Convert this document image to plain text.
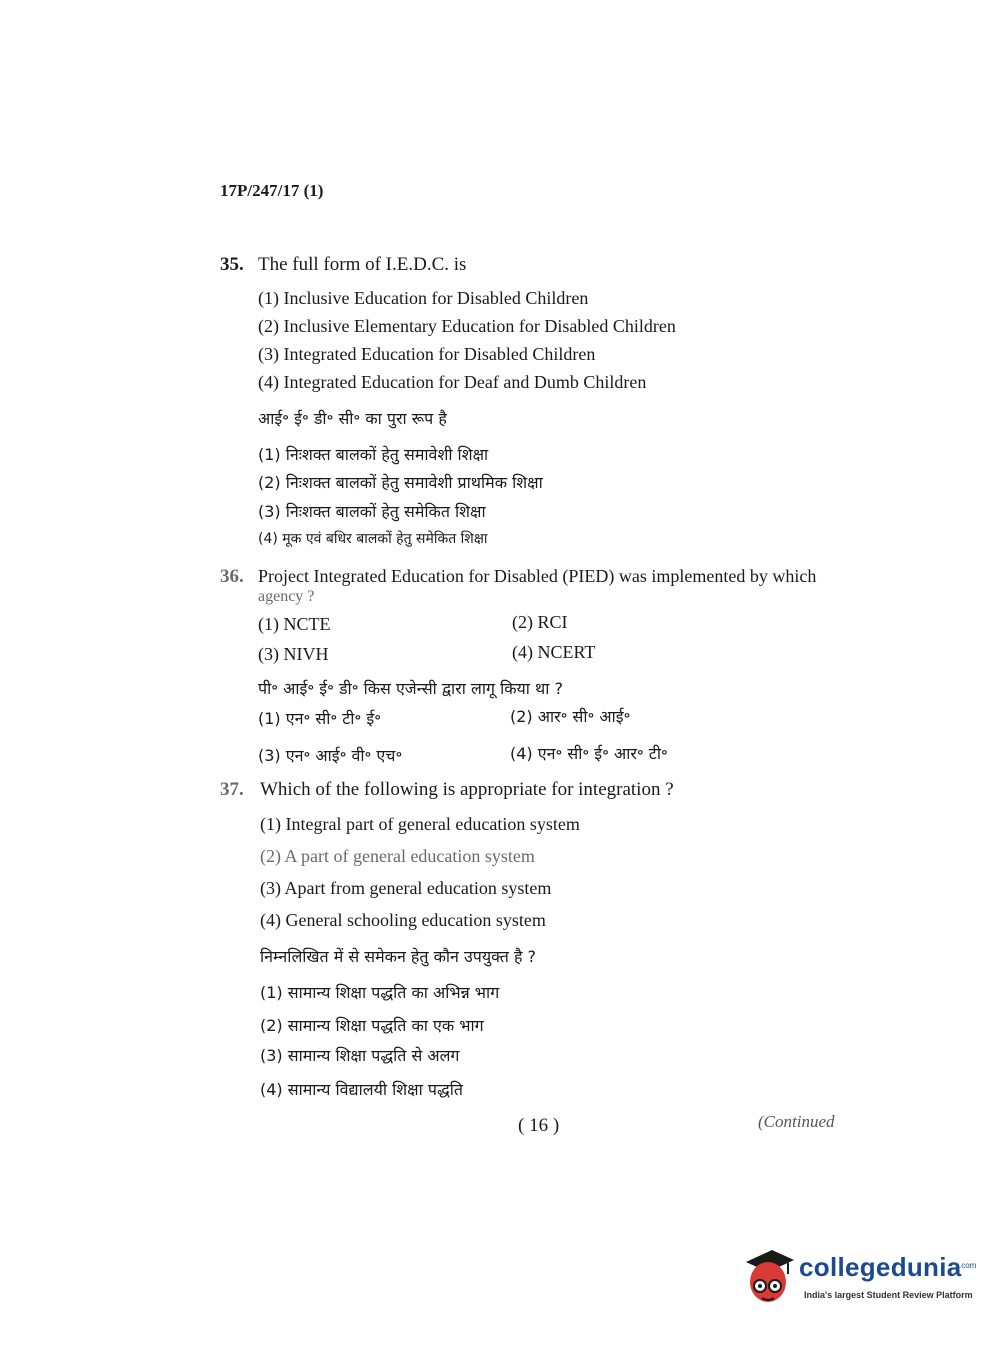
17P/247/17 (1)
35. The full form of I.E.D.C. is
(1) Inclusive Education for Disabled Children
(2) Inclusive Elementary Education for Disabled Children
(3) Integrated Education for Disabled Children
(4) Integrated Education for Deaf and Dumb Children
आई॰ ई॰ डी॰ सी॰ का पुरा रूप है
(1) निःशक्त बालकों हेतु समावेशी शिक्षा
(2) निःशक्त बालकों हेतु समावेशी प्राथमिक शिक्षा
(3) निःशक्त बालकों हेतु समेकित शिक्षा
(4) मूक एवं बधिर बालकों हेतु समेकित शिक्षा
36. Project Integrated Education for Disabled (PIED) was implemented by which
agency ?
(1) NCTE	(2) RCI
(3) NIVH	(4) NCERT
पी॰ आई॰ ई॰ डी॰ किस एजेन्सी द्वारा लागू किया था ?
(1) एन॰ सी॰ टी॰ ई॰	(2) आर॰ सी॰ आई॰
(3) एन॰ आई॰ वी॰ एच॰	(4) एन॰ सी॰ ई॰ आर॰ टी॰
37. Which of the following is appropriate for integration ?
(1) Integral part of general education system
(2) A part of general education system
(3) Apart from general education system
(4) General schooling education system
निम्नलिखित में से समेकन हेतु कौन उपयुक्त है ?
(1) सामान्य शिक्षा पद्धति का अभिन्न भाग
(2) सामान्य शिक्षा पद्धति का एक भाग
(3) सामान्य शिक्षा पद्धति से अलग
(4) सामान्य विद्यालयी शिक्षा पद्धति
( 16 )	(Continued
collegedunia
.com
India's largest Student Review Platform
